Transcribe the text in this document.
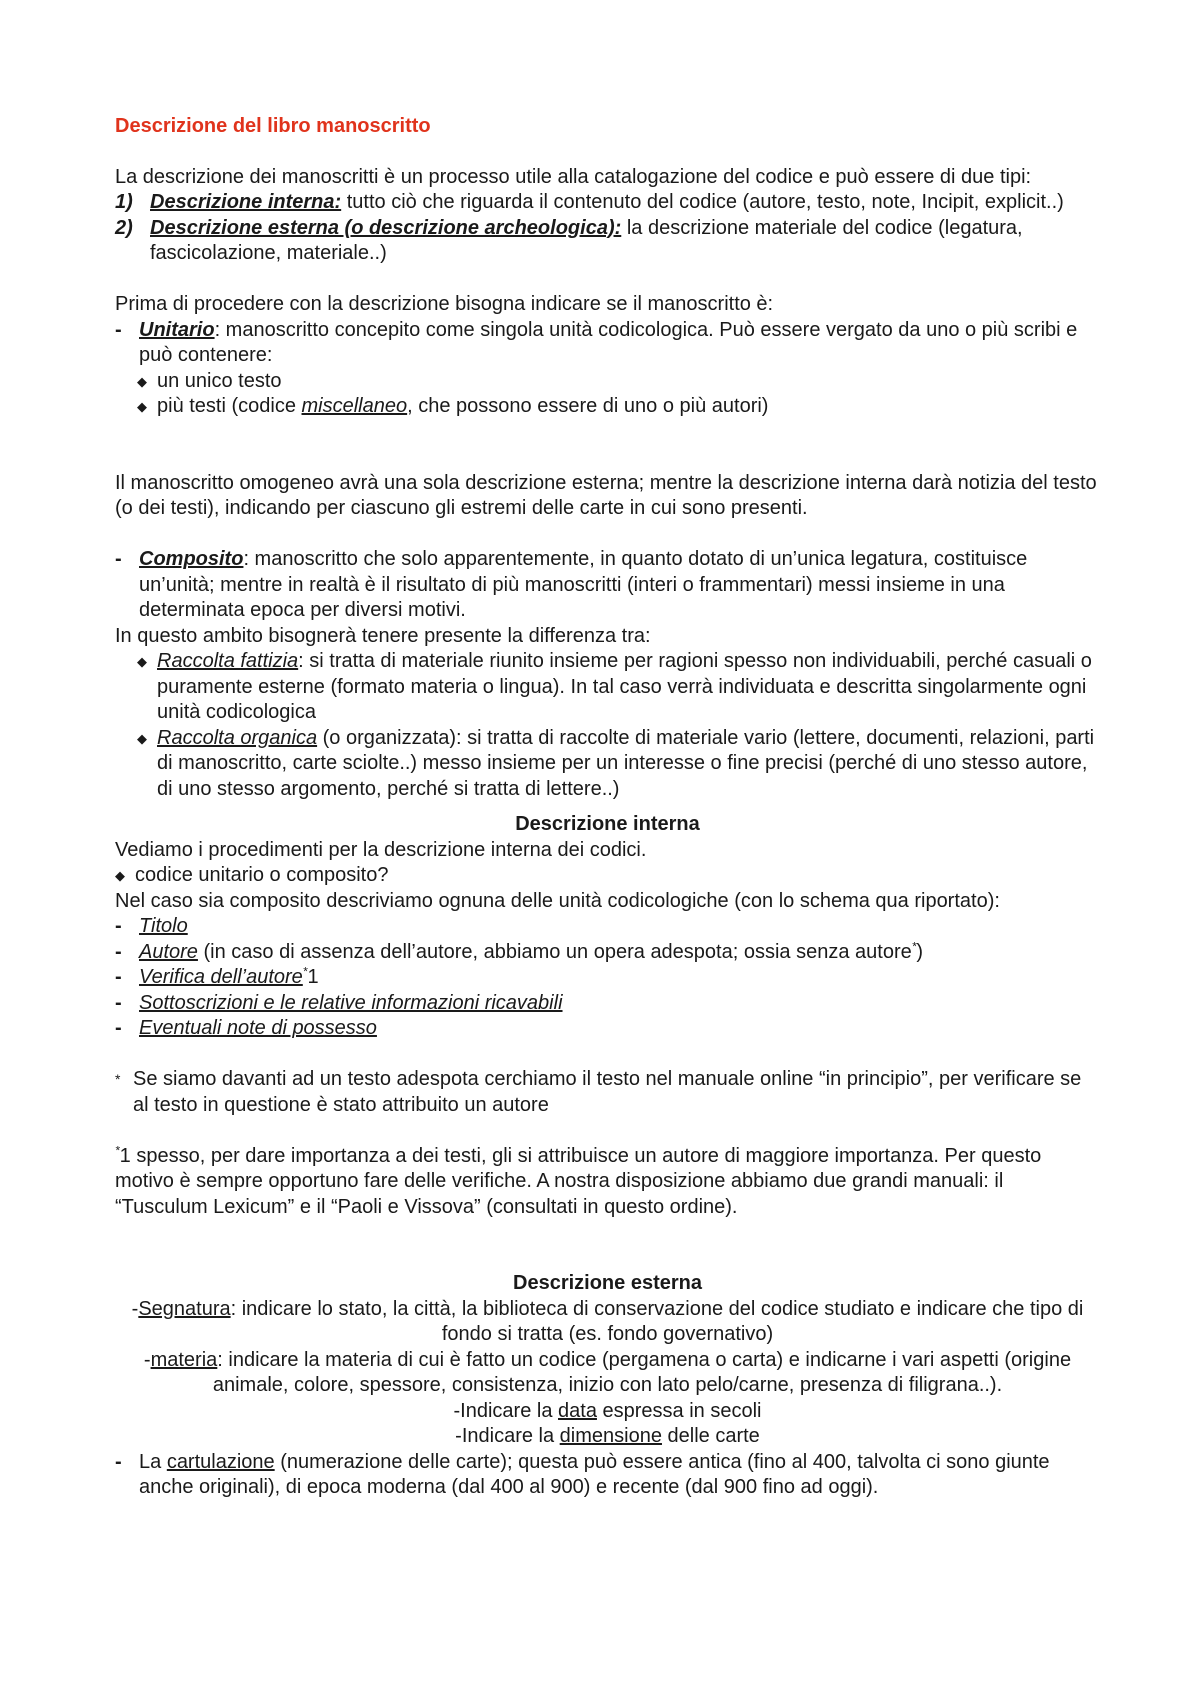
Descrizione del libro manoscritto

La descrizione dei manoscritti è un processo utile alla catalogazione del codice e può essere di due tipi:

1) Descrizione interna: tutto ciò che riguarda il contenuto del codice (autore, testo, note, Incipit, explicit..)
2) Descrizione esterna (o descrizione archeologica): la descrizione materiale del codice (legatura, fascicolazione, materiale..)

Prima di procedere con la descrizione bisogna indicare se il manoscritto è:

- Unitario: manoscritto concepito come singola unità codicologica. Può essere vergato da uno o più scribi e può contenere:
◆ un unico testo
◆ più testi (codice miscellaneo, che possono essere di uno o più autori)

Il manoscritto omogeneo avrà una sola descrizione esterna; mentre la descrizione interna darà notizia del testo (o dei testi), indicando per ciascuno gli estremi delle carte in cui sono presenti.

- Composito: manoscritto che solo apparentemente, in quanto dotato di un’unica legatura, costituisce un’unità; mentre in realtà è il risultato di più manoscritti (interi o frammentari) messi insieme in una determinata epoca per diversi motivi.

In questo ambito bisognerà tenere presente la differenza tra:

◆ Raccolta fattizia: si tratta di materiale riunito insieme per ragioni spesso non individuabili, perché casuali o puramente esterne (formato materia o lingua). In tal caso verrà individuata e descritta singolarmente ogni unità codicologica
◆ Raccolta organica (o organizzata): si tratta di raccolte di materiale vario (lettere, documenti, relazioni, parti di manoscritto, carte sciolte..) messo insieme per un interesse o fine precisi (perché di uno stesso autore, di uno stesso argomento, perché si tratta di lettere..)

Descrizione interna

Vediamo i procedimenti per la descrizione interna dei codici.

◆ codice unitario o composito?

Nel caso sia composito descriviamo ognuna delle unità codicologiche (con lo schema qua riportato):

- Titolo
- Autore (in caso di assenza dell’autore, abbiamo un opera adespota; ossia senza autore*)
- Verifica dell’autore*1
- Sottoscrizioni e le relative informazioni ricavabili
- Eventuali note di possesso
* Se siamo davanti ad un testo adespota cerchiamo il testo nel manuale online “in principio”, per verificare se al testo in questione è stato attribuito un autore

*1 spesso, per dare importanza a dei testi, gli si attribuisce un autore di maggiore importanza. Per questo motivo è sempre opportuno fare delle verifiche. A nostra disposizione abbiamo due grandi manuali: il “Tusculum Lexicum” e il “Paoli e Vissova” (consultati in questo ordine).

Descrizione esterna

-Segnatura: indicare lo stato, la città, la biblioteca di conservazione del codice studiato e indicare che tipo di fondo si tratta (es. fondo governativo)

-materia: indicare la materia di cui è fatto un codice (pergamena o carta) e indicarne i vari aspetti (origine animale, colore, spessore, consistenza, inizio con lato pelo/carne, presenza di filigrana..).

-Indicare la data espressa in secoli

-Indicare la dimensione delle carte

- La cartulazione (numerazione delle carte); questa può essere antica (fino al 400, talvolta ci sono giunte anche originali), di epoca moderna (dal 400 al 900) e recente (dal 900 fino ad oggi).
